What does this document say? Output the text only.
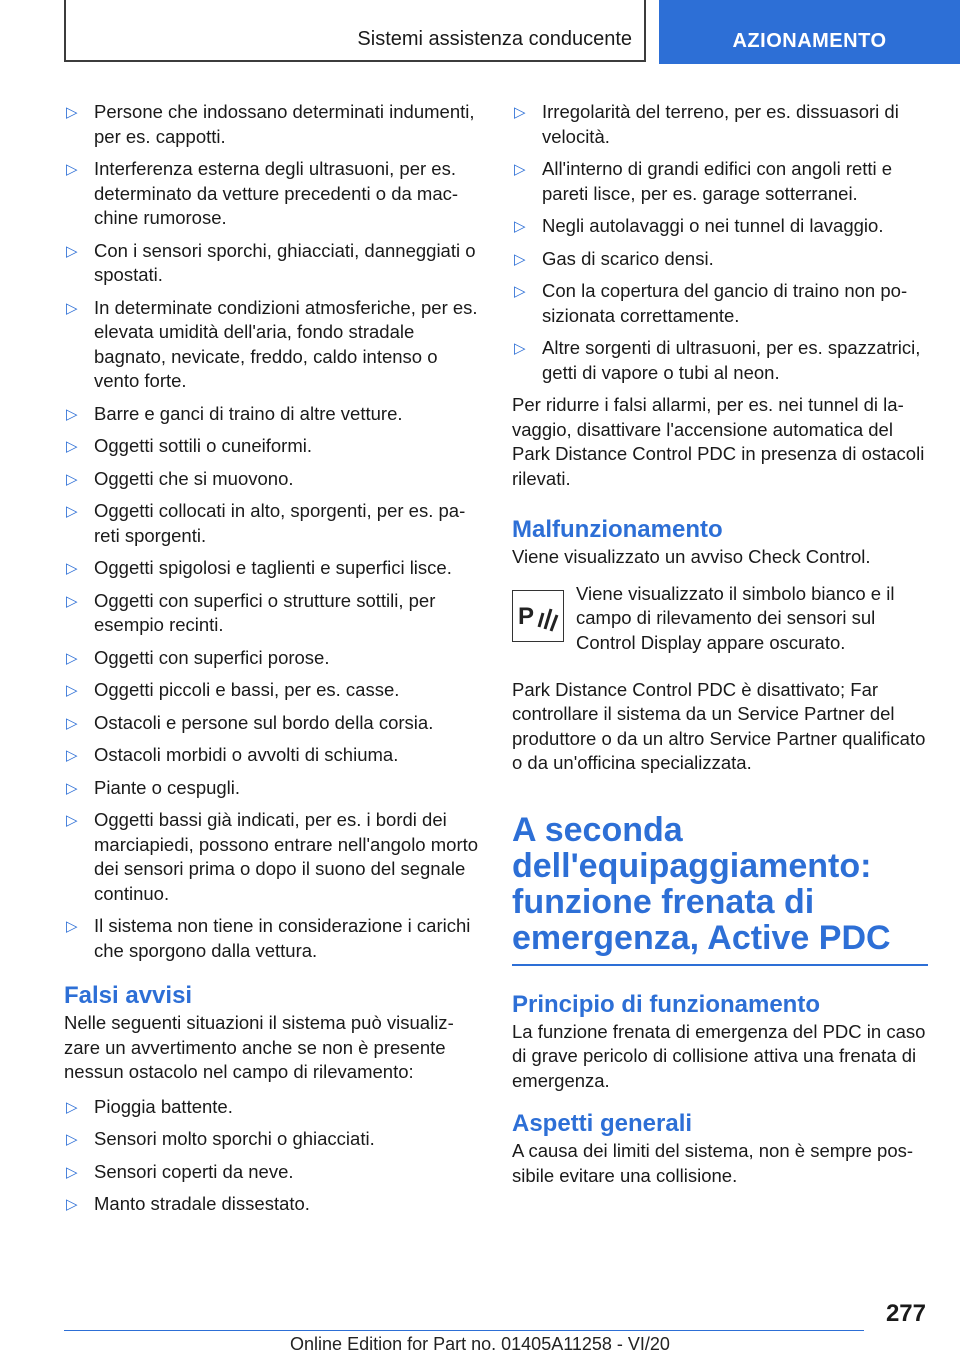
Sistemi assistenza conducente	AZIONAMENTO
▷ Persone che indossano determinati indumenti, per es. cappotti.
▷ Interferenza esterna degli ultrasuoni, per es. determinato da vetture precedenti o da macchine rumorose.
▷ Con i sensori sporchi, ghiacciati, danneggiati o spostati.
▷ In determinate condizioni atmosferiche, per es. elevata umidità dell'aria, fondo stradale bagnato, nevicate, freddo, caldo intenso o vento forte.
▷ Barre e ganci di traino di altre vetture.
▷ Oggetti sottili o cuneiformi.
▷ Oggetti che si muovono.
▷ Oggetti collocati in alto, sporgenti, per es. pareti sporgenti.
▷ Oggetti spigolosi e taglienti e superfici lisce.
▷ Oggetti con superfici o strutture sottili, per esempio recinti.
▷ Oggetti con superfici porose.
▷ Oggetti piccoli e bassi, per es. casse.
▷ Ostacoli e persone sul bordo della corsia.
▷ Ostacoli morbidi o avvolti di schiuma.
▷ Piante o cespugli.
▷ Oggetti bassi già indicati, per es. i bordi dei marciapiedi, possono entrare nell'angolo morto dei sensori prima o dopo il suono del segnale continuo.
▷ Il sistema non tiene in considerazione i carichi che sporgono dalla vettura.
Falsi avvisi

Nelle seguenti situazioni il sistema può visualizzare un avvertimento anche se non è presente nessun ostacolo nel campo di rilevamento:

▷ Pioggia battente.
▷ Sensori molto sporchi o ghiacciati.
▷ Sensori coperti da neve.
▷ Manto stradale dissestato.
▷ Irregolarità del terreno, per es. dissuasori di velocità.
▷ All'interno di grandi edifici con angoli retti e pareti lisce, per es. garage sotterranei.
▷ Negli autolavaggi o nei tunnel di lavaggio.
▷ Gas di scarico densi.
▷ Con la copertura del gancio di traino non posizionata correttamente.
▷ Altre sorgenti di ultrasuoni, per es. spazzatrici, getti di vapore o tubi al neon.

Per ridurre i falsi allarmi, per es. nei tunnel di lavaggio, disattivare l'accensione automatica del Park Distance Control PDC in presenza di ostacoli rilevati.

Malfunzionamento

Viene visualizzato un avviso Check Control.

P
Viene visualizzato il simbolo bianco e il campo di rilevamento dei sensori sul Control Display appare oscurato.

Park Distance Control PDC è disattivato; Far controllare il sistema da un Service Partner del produttore o da un altro Service Partner qualificato o da un'officina specializzata.

A seconda dell'equipaggiamento: funzione frenata di emergenza, Active PDC
Principio di funzionamento

La funzione frenata di emergenza del PDC in caso di grave pericolo di collisione attiva una frenata di emergenza.

Aspetti generali

A causa dei limiti del sistema, non è sempre possibile evitare una collisione.

277
Online Edition for Part no. 01405A11258 - VI/20
